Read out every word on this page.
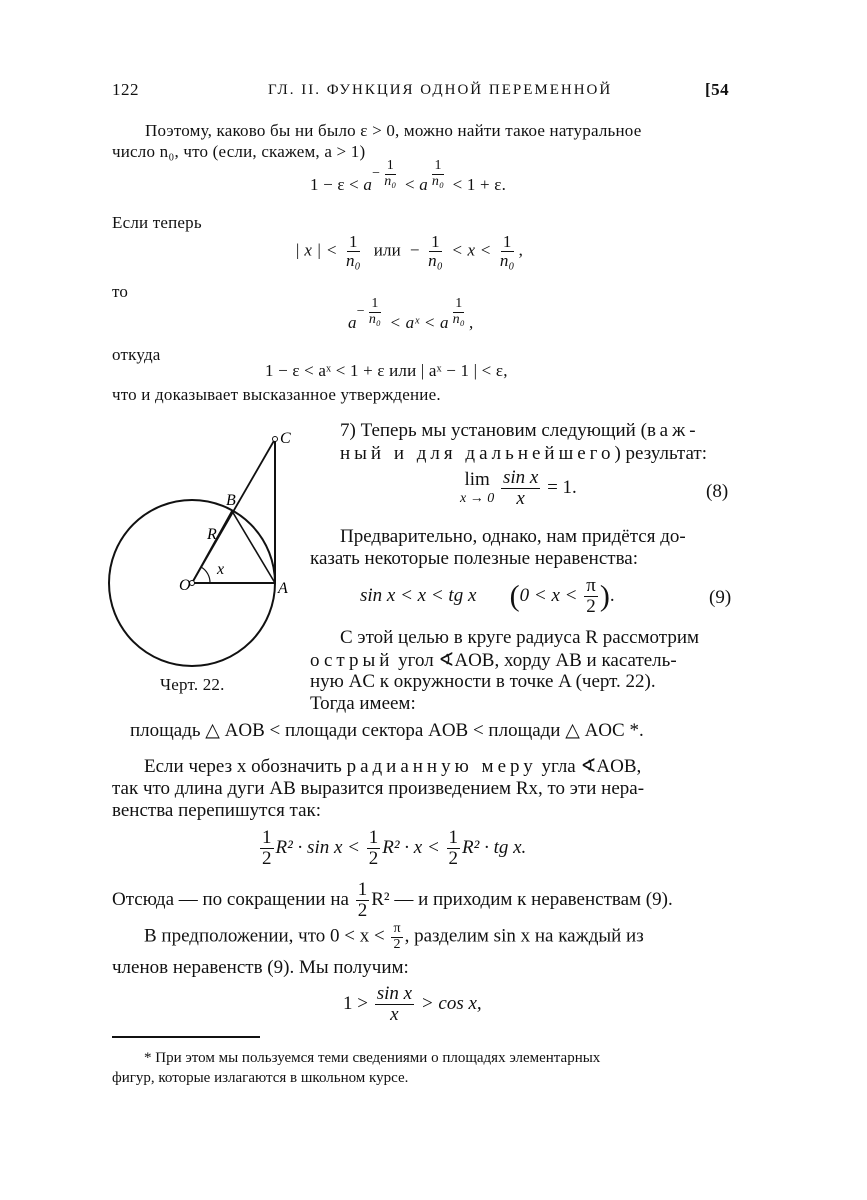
122	ГЛ. II. ФУНКЦИЯ ОДНОЙ ПЕРЕМЕННОЙ	[54
Поэтому, каково бы ни было ε > 0, можно найти такое натуральное
число n₀, что (если, скажем, a > 1)
$1 - \varepsilon < a^{- \frac{1}{\text{n₀}}} < a$ $^{\frac{1}{\text{n₀}}}$ < 1 + ε.
Если теперь
| x | < $\frac{1}{\text{n₀}}$ или − $\frac{1}{\text{n₀}} < x < \frac{1}{\text{n₀}}$ ,
то
$a^{- \frac{1}{\text{n₀}}}$ < aˣ < a $^{\frac{1}{\text{n₀}}}$ ,
откуда
1 − ε < aˣ < 1 + ε или | aˣ − 1 | < ε,
что и доказывает высказанное утверждение.
O	A
B
C
R
x
Черт. 22.
7) Теперь мы установим следующий (важ-
ный и для дальнейшего) результат:
lim
x → 0
$\frac{\text{sin x}}{x} = 1$.	(8)
Предварительно, однако, нам придётся до-
казать некоторые полезные неравенства:
sin x < x < tg x ($0 < x < \frac{\pi}{2}$ ).	(9)
С этой целью в круге радиуса R рассмотрим
острый угол ∢AOB, хорду AB и касатель-
ную AC к окружности в точке A (черт. 22).
Тогда имеем:
площадь △ AOB < площади сектора AOB < площади △ AOC *.
Если через x обозначить радианную меру угла ∢AOB,
так что длина дуги AB выразится произведением Rx, то эти нера-
венства перепишутся так:
$\frac{1}{2} R^2 \cdot \sin x < \frac{1}{2} R^2 \cdot x < \frac{1}{2} R^2$ · tg x.
Отсюда — по сокращении на $\frac{1}{2} R^2$ — и приходим к неравенствам (9).
В предположении, что $0 < x < \frac{\pi}{2}$ , разделим sin x на каждый из
членов неравенств (9). Мы получим:
$1 > \frac{\text{sin x}}{x} > \cos x$,
* При этом мы пользуемся теми сведениями о площадях элементарных
фигур, которые излагаются в школьном курсе.
